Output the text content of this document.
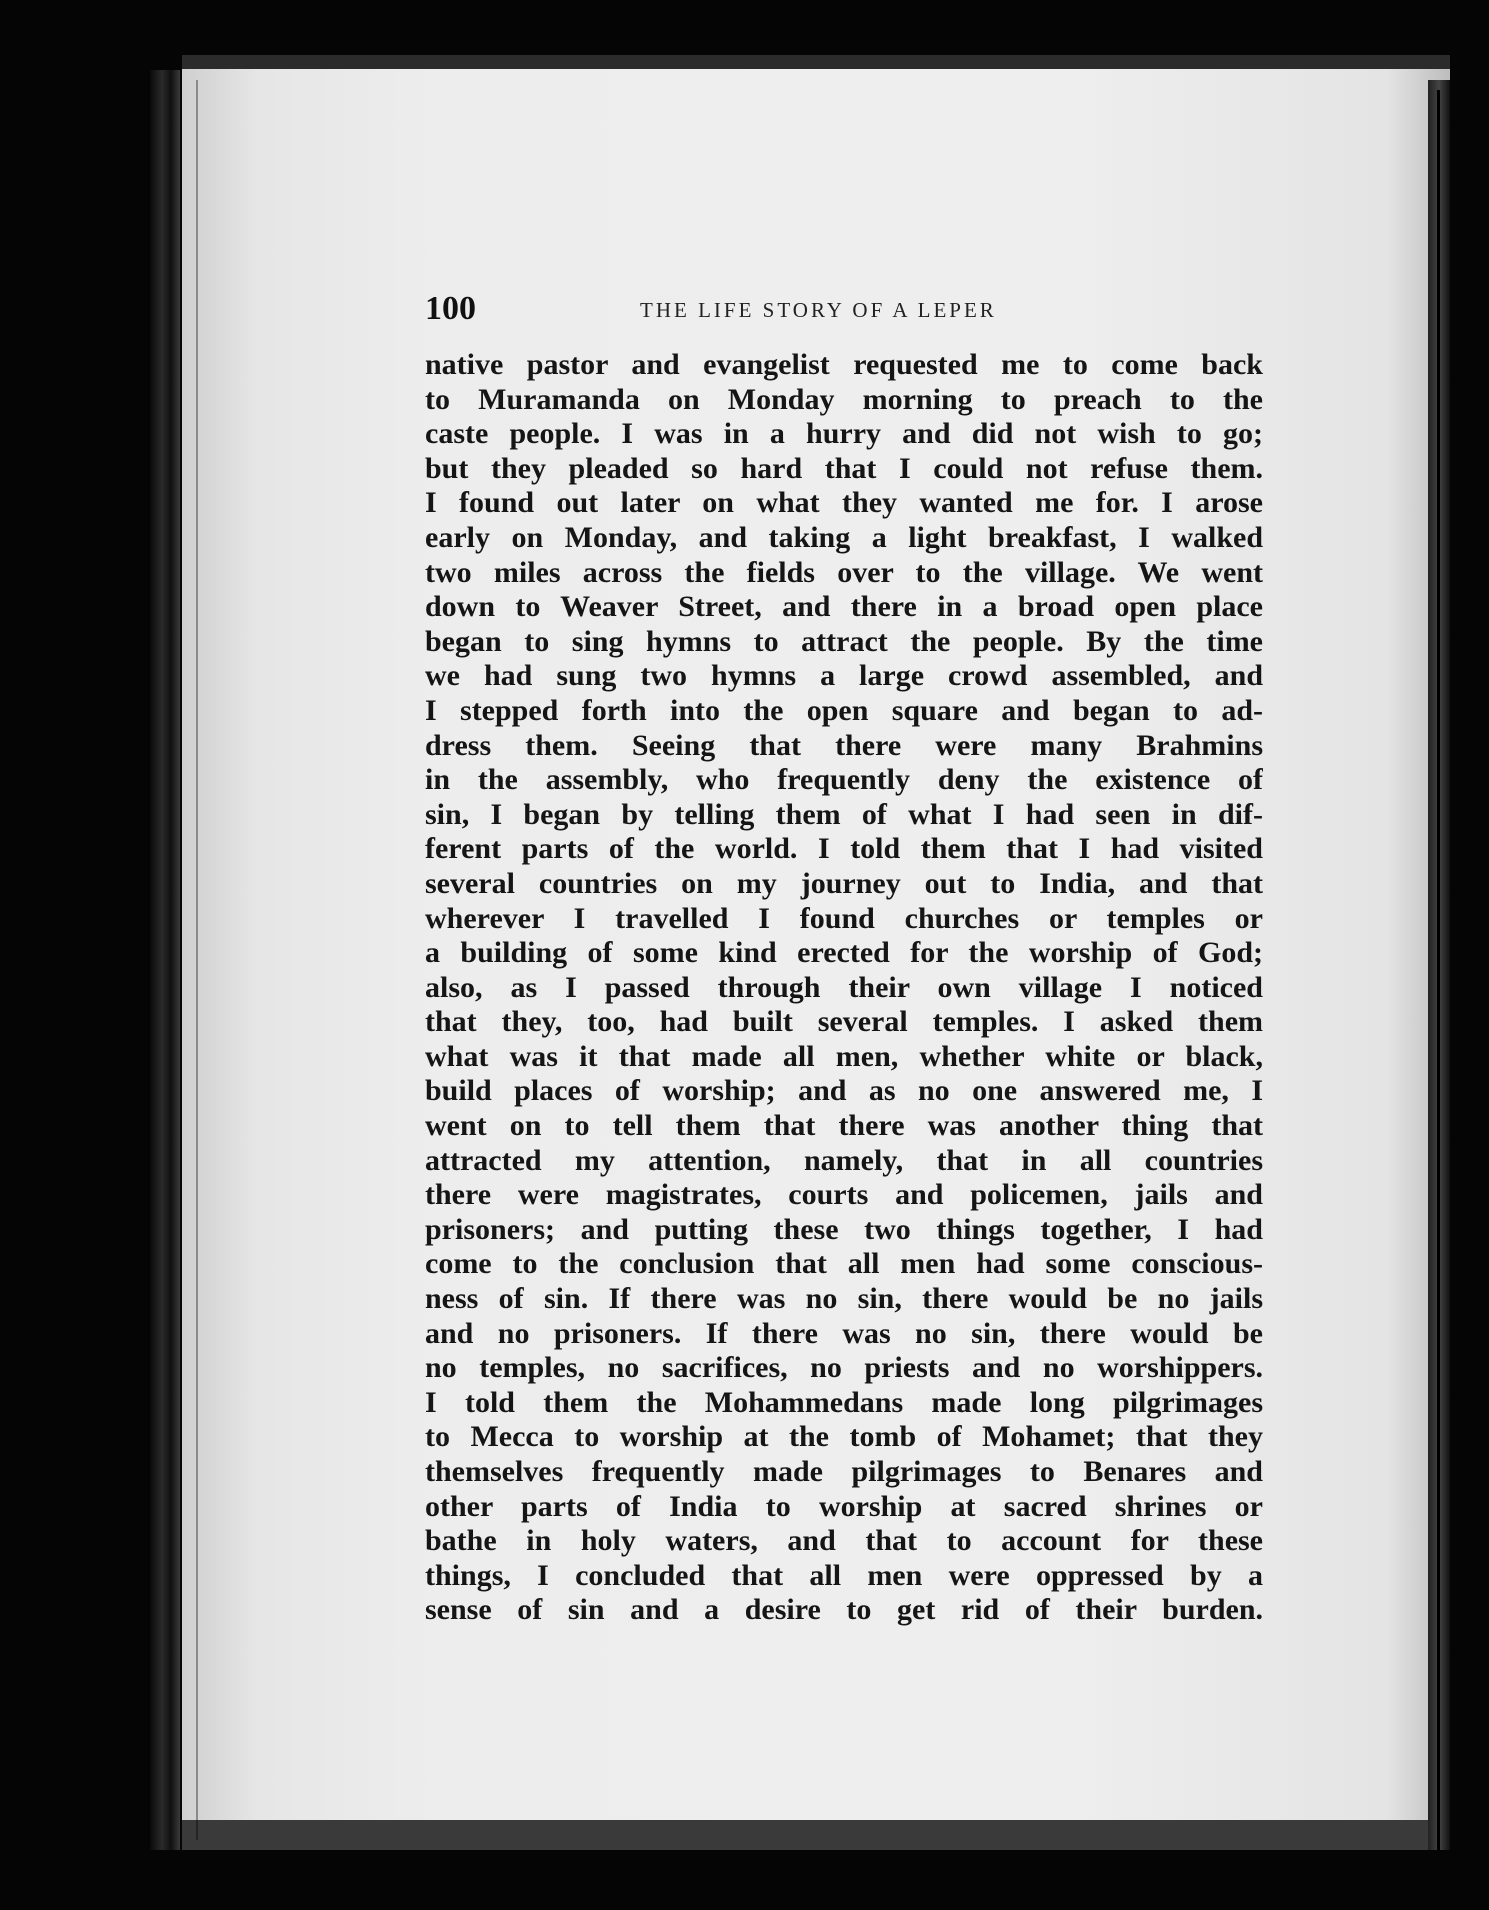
100	THE LIFE STORY OF A LEPER
native pastor and evangelist requested me to come back
to Muramanda on Monday morning to preach to the
caste people. I was in a hurry and did not wish to go;
but they pleaded so hard that I could not refuse them.
I found out later on what they wanted me for. I arose
early on Monday, and taking a light breakfast, I walked
two miles across the fields over to the village. We went
down to Weaver Street, and there in a broad open place
began to sing hymns to attract the people. By the time
we had sung two hymns a large crowd assembled, and
I stepped forth into the open square and began to ad-
dress them. Seeing that there were many Brahmins
in the assembly, who frequently deny the existence of
sin, I began by telling them of what I had seen in dif-
ferent parts of the world. I told them that I had visited
several countries on my journey out to India, and that
wherever I travelled I found churches or temples or
a building of some kind erected for the worship of God;
also, as I passed through their own village I noticed
that they, too, had built several temples. I asked them
what was it that made all men, whether white or black,
build places of worship; and as no one answered me, I
went on to tell them that there was another thing that
attracted my attention, namely, that in all countries
there were magistrates, courts and policemen, jails and
prisoners; and putting these two things together, I had
come to the conclusion that all men had some conscious-
ness of sin. If there was no sin, there would be no jails
and no prisoners. If there was no sin, there would be
no temples, no sacrifices, no priests and no worshippers.
I told them the Mohammedans made long pilgrimages
to Mecca to worship at the tomb of Mohamet; that they
themselves frequently made pilgrimages to Benares and
other parts of India to worship at sacred shrines or
bathe in holy waters, and that to account for these
things, I concluded that all men were oppressed by a
sense of sin and a desire to get rid of their burden.
